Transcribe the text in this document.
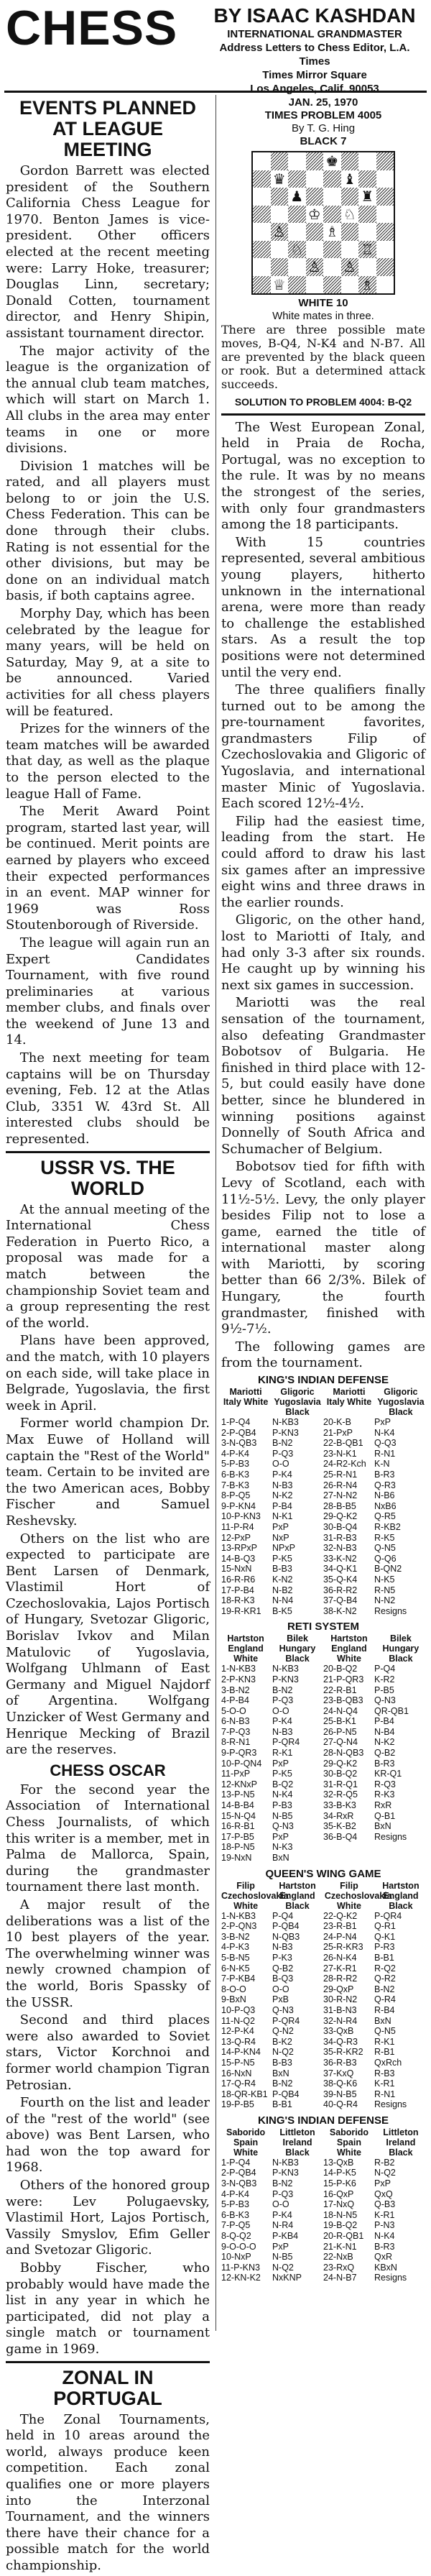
CHESS	BY ISAAC KASHDAN
INTERNATIONAL GRANDMASTER
Address Letters to Chess Editor, L.A. Times
Times Mirror Square
Los Angeles, Calif. 90053
EVENTS PLANNED AT LEAGUE MEETING

Gordon Barrett was elected president of the Southern California Chess League for 1970. Benton James is vice-president. Other officers elected at the recent meeting were: Larry Hoke, treasurer; Douglas Linn, secretary; Donald Cotten, tournament director, and Henry Shipin, assistant tournament director.

The major activity of the league is the organization of the annual club team matches, which will start on March 1. All clubs in the area may enter teams in one or more divisions.

Division 1 matches will be rated, and all players must belong to or join the U.S. Chess Federation. This can be done through their clubs. Rating is not essential for the other divisions, but may be done on an individual match basis, if both captains agree.

Morphy Day, which has been celebrated by the league for many years, will be held on Saturday, May 9, at a site to be announced. Varied activities for all chess players will be featured.

Prizes for the winners of the team matches will be awarded that day, as well as the plaque to the person elected to the league Hall of Fame.

The Merit Award Point program, started last year, will be continued. Merit points are earned by players who exceed their expected performances in an event. MAP winner for 1969 was Ross Stoutenborough of Riverside.

The league will again run an Expert Candidates Tournament, with five round preliminaries at various member clubs, and finals over the weekend of June 13 and 14.

The next meeting for team captains will be on Thursday evening, Feb. 12 at the Atlas Club, 3351 W. 43rd St. All interested clubs should be represented.

USSR VS. THE WORLD

At the annual meeting of the International Chess Federation in Puerto Rico, a proposal was made for a match between the championship Soviet team and a group representing the rest of the world.

Plans have been approved, and the match, with 10 players on each side, will take place in Belgrade, Yugoslavia, the first week in April.

Former world champion Dr. Max Euwe of Holland will captain the "Rest of the World" team. Certain to be invited are the two American aces, Bobby Fischer and Samuel Reshevsky.

Others on the list who are expected to participate are Bent Larsen of Denmark, Vlastimil Hort of Czechoslovakia, Lajos Portisch of Hungary, Svetozar Gligoric, Borislav Ivkov and Milan Matulovic of Yugoslavia, Wolfgang Uhlmann of East Germany and Miguel Najdorf of Argentina. Wolfgang Unzicker of West Germany and Henrique Mecking of Brazil are the reserves.

CHESS OSCAR

For the second year the Association of International Chess Journalists, of which this writer is a member, met in Palma de Mallorca, Spain, during the grandmaster tournament there last month.

A major result of the deliberations was a list of the 10 best players of the year. The overwhelming winner was newly crowned champion of the world, Boris Spassky of the USSR.

Second and third places were also awarded to Soviet stars, Victor Korchnoi and former world champion Tigran Petrosian.

Fourth on the list and leader of the "rest of the world" (see above) was Bent Larsen, who had won the top award for 1968.

Others of the honored group were: Lev Polugaevsky, Vlastimil Hort, Lajos Portisch, Vassily Smyslov, Efim Geller and Svetozar Gligoric.

Bobby Fischer, who probably would have made the list in any year in which he participated, did not play a single match or tournament game in 1969.

ZONAL IN PORTUGAL

The Zonal Tournaments, held in 10 areas around the world, always produce keen competition. Each zonal qualifies one or more players into the Interzonal Tournament, and the winners there have their chance for a possible match for the world championship.

JAN. 25, 1970
TIMES PROBLEM 4005
By T. G. Hing
BLACK 7
♚
♛	♝
♟	♜
♔ ♘
♙	♗
♘	♖
♙ ♙
♕	♗
WHITE 10
White mates in three.
There are three possible mate moves, B-Q4, N-K4 and N-B7. All are prevented by the black queen or rook. But a determined attack succeeds.
SOLUTION TO PROBLEM 4004: B-Q2

The West European Zonal, held in Praia de Rocha, Portugal, was no exception to the rule. It was by no means the strongest of the series, with only four grandmasters among the 18 participants.

With 15 countries represented, several ambitious young players, hitherto unknown in the international arena, were more than ready to challenge the established stars. As a result the top positions were not determined until the very end.

The three qualifiers finally turned out to be among the pre-tournament favorites, grandmasters Filip of Czechoslovakia and Gligoric of Yugoslavia, and international master Minic of Yugoslavia. Each scored 12½-4½.

Filip had the easiest time, leading from the start. He could afford to draw his last six games after an impressive eight wins and three draws in the earlier rounds.

Gligoric, on the other hand, lost to Mariotti of Italy, and had only 3-3 after six rounds. He caught up by winning his next six games in succession.

Mariotti was the real sensation of the tournament, also defeating Grandmaster Bobotsov of Bulgaria. He finished in third place with 12-5, but could easily have done better, since he blundered in winning positions against Donnelly of South Africa and Schumacher of Belgium.

Bobotsov tied for fifth with Levy of Scotland, each with 11½-5½. Levy, the only player besides Filip not to lose a game, earned the title of international master along with Mariotti, by scoring better than 66 2/3%. Bilek of Hungary, the fourth grandmaster, finished with 9½-7½.

The following games are from the tournament.

KING'S INDIAN DEFENSE
Mariotti Italy White
Gligoric Yugoslavia Black
Mariotti Italy White
Gligoric Yugoslavia Black
1-P-Q4	N-KB3	20-K-B	PxP
2-P-QB4	P-KN3	21-PxP	N-K4
3-N-QB3	B-N2	22-B-QB1	Q-Q3
4-P-K4	P-Q3	23-N-K1	R-N1
5-P-B3	O-O	24-R2-Kch K-N
6-B-K3	P-K4	25-R-N1	B-R3
7-B-K3	N-B3	26-R-N4	Q-R3
8-P-Q5	N-K2	27-N-N2	N-B6
9-P-KN4	P-B4	28-B-B5	NxB6
10-P-KN3	N-K1	29-Q-K2	Q-R5
11-P-R4	PxP	30-B-Q4	R-KB2
12-PxP	NxP	31-R-B3	R-K5
13-RPxP	NPxP	32-N-B3	Q-N5
14-B-Q3	P-K5	33-K-N2	Q-Q6
15-NxN	B-B3	34-Q-K1	B-QN2
16-R-R6	K-N2	35-Q-K4	N-K5
17-P-B4	N-B2	36-R-R2	R-N5
18-R-K3	N-N4	37-Q-B4	N-N2
19-R-KR1	B-K5	38-K-N2	Resigns
RETI SYSTEM
Hartston England White
Bilek Hungary Black
Hartston England White
Bilek Hungary Black
1-N-KB3	N-KB3	20-B-Q2	P-Q4
2-P-KN3	P-KN3	21-P-QR3	K-R2
3-B-N2	B-N2	22-R-B1	P-B5
4-P-B4	P-Q3	23-B-QB3	Q-N3
5-O-O	O-O	24-N-Q4	QR-QB1
6-N-B3	P-K4	25-B-K1	P-B4
7-P-Q3	N-B3	26-P-N5	N-B4
8-R-N1	P-QR4	27-Q-N4	N-K2
9-P-QR3	R-K1	28-N-QB3	Q-B2
10-P-QN4	PxP	29-Q-K2	B-R3
11-PxP	P-K5	30-B-Q2	KR-Q1
12-KNxP	B-Q2	31-R-Q1	R-Q3
13-P-N5	N-K4	32-R-Q5	R-K3
14-B-B4	P-B3	33-B-K3	RxR
15-N-Q4	N-B5	34-RxR	Q-B1
16-R-B1	Q-N3	35-K-B2	BxN
17-P-B5	PxP	36-B-Q4	Resigns
18-P-N5	N-K3
19-NxN	BxN
QUEEN'S WING GAME
Filip Czechoslovakia White
Hartston England Black
Filip Czechoslovakia White
Hartston England Black
1-N-KB3	P-Q4	22-Q-K2	P-QR4
2-P-QN3	P-QB4	23-R-B1	Q-R1
3-B-N2	N-QB3	24-P-N4	Q-K1
4-P-K3	N-B3	25-R-KR3	P-R3
5-B-N5	P-K3	26-N-K4	B-B1
6-N-K5	Q-B2	27-K-R1	R-Q2
7-P-KB4	B-Q3	28-R-R2	Q-R2
8-O-O	O-O	29-QxP	B-N2
9-BxN	PxB	30-R-N2	Q-R4
10-P-Q3	Q-N3	31-B-N3	R-B4
11-N-Q2	P-QR4	32-N-R4	BxN
12-P-K4	Q-N2	33-QxB	Q-N5
13-Q-R4	B-K2	34-Q-R3	R-K1
14-P-KN4	N-Q2	35-R-KR2	R-B1
15-P-N5	B-B3	36-R-B3	QxRch
16-NxN	BxN	37-KxQ	R-B3
17-Q-R4	B-N2	38-Q-K6	K-R1
18-QR-KB1 P-QB4	39-N-B5	R-N1
19-P-B5	B-B1	40-Q-R4	Resigns
KING'S INDIAN DEFENSE
Saborido Spain White
Littleton Ireland Black
Saborido Spain White
Littleton Ireland Black
1-P-Q4	N-KB3	13-QxB	R-B2
2-P-QB4	P-KN3	14-P-K5	N-Q2
3-N-QB3	B-N2	15-P-K6	PxP
4-P-K4	P-Q3	16-QxP	QxQ
5-P-B3	O-O	17-NxQ	Q-B3
6-B-K3	P-K4	18-N-N5	K-R1
7-P-Q5	N-R4	19-B-Q2	P-N3
8-Q-Q2	P-KB4	20-R-QB1	N-K4
9-O-O-O	PxP	21-K-N1	B-R3
10-NxP	N-B5	22-NxB	QxR
11-P-KN3	N-Q2	23-RxQ	KBxN
12-KN-K2	NxKNP	24-N-B7	Resigns
